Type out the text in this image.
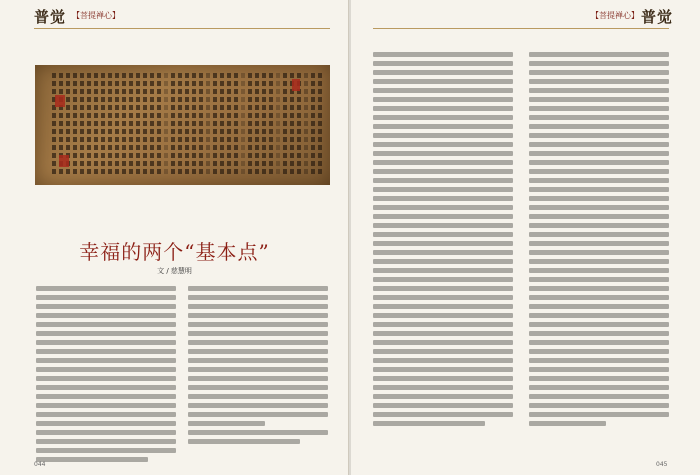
普觉 【菩提禅心】
幸福的两个“基本点”
文 / 慈慧明
044
【菩提禅心】 普觉
045
